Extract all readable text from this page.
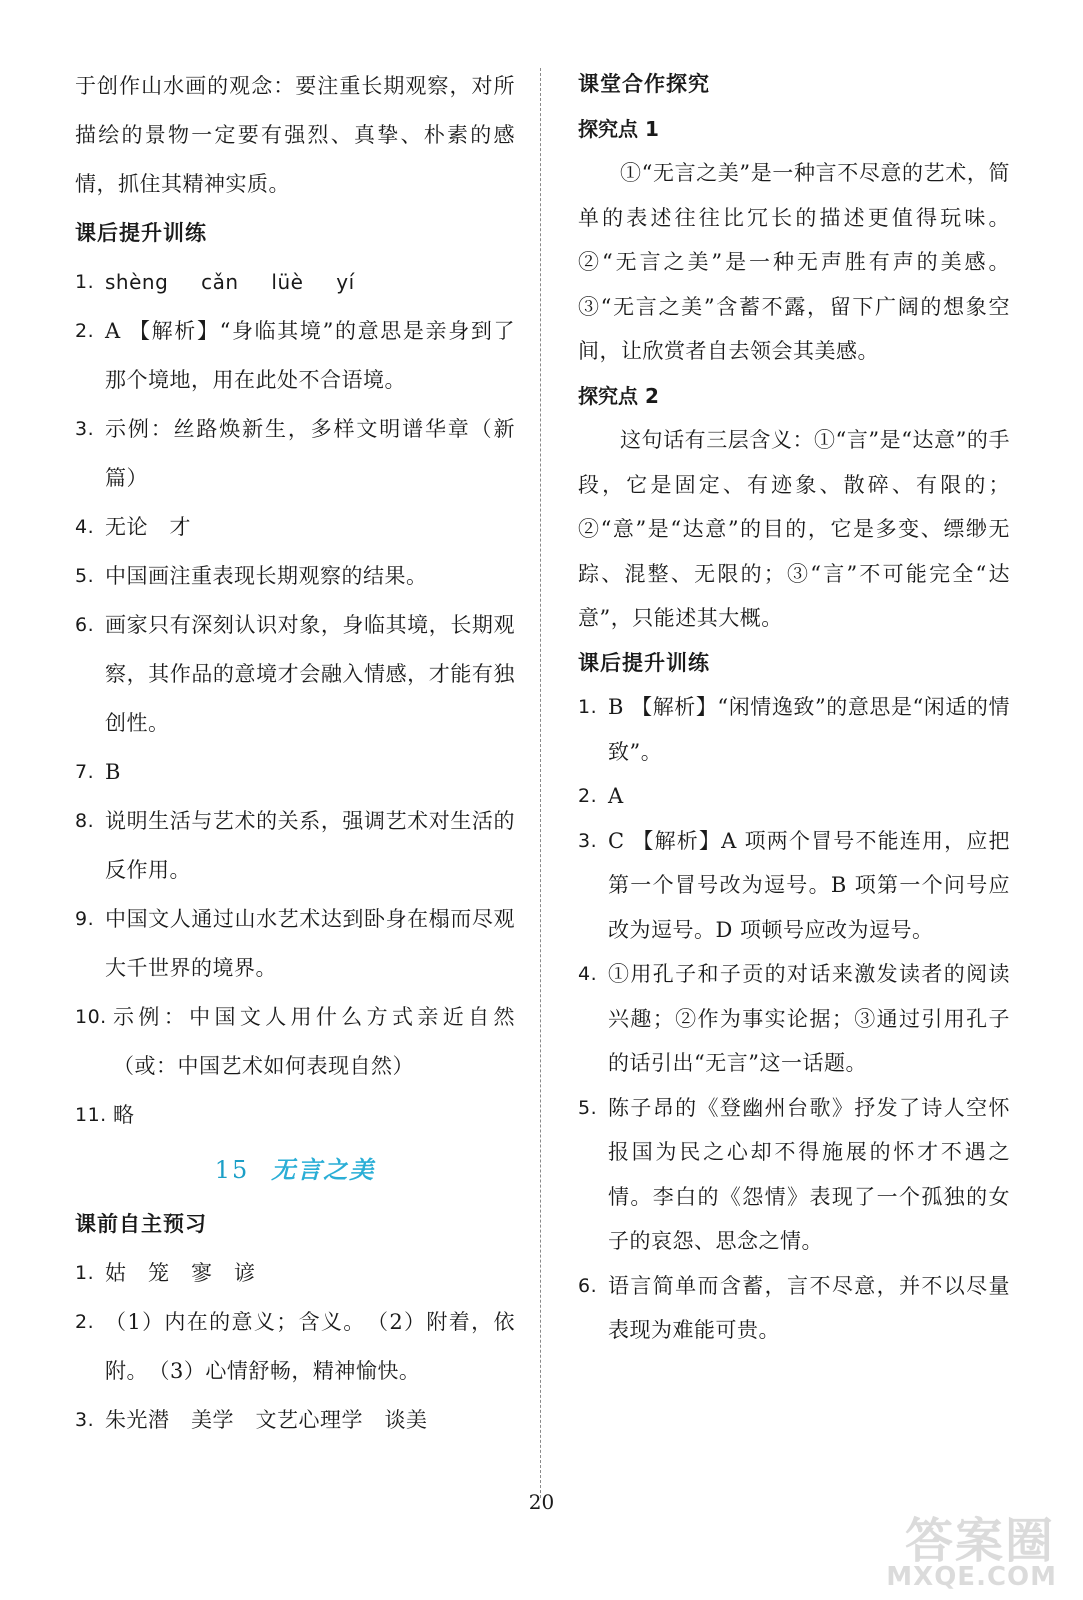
于创作山水画的观念：要注重长期观察，对所描绘的景物一定要有强烈、真挚、朴素的感情，抓住其精神实质。

课后提升训练

1. shèng cǎn lüè yí
2. A 【解析】“身临其境”的意思是亲身到了那个境地，用在此处不合语境。
3. 示例：丝路焕新生，多样文明谱华章（新篇）
4. 无论　才
5. 中国画注重表现长期观察的结果。
6. 画家只有深刻认识对象，身临其境，长期观察，其作品的意境才会融入情感，才能有独创性。
7. B
8. 说明生活与艺术的关系，强调艺术对生活的反作用。
9. 中国文人通过山水艺术达到卧身在榻而尽观大千世界的境界。
10. 示例：中国文人用什么方式亲近自然（或：中国艺术如何表现自然）
11. 略

15 无言之美

课前自主预习

1. 姑　笼　寥　谚
2. （1）内在的意义；含义。　（2）附着，依附。　（3）心情舒畅，精神愉快。
3. 朱光潜　美学　文艺心理学　谈美

课堂合作探究

探究点 1

①“无言之美”是一种言不尽意的艺术，简单的表述往往比冗长的描述更值得玩味。②“无言之美”是一种无声胜有声的美感。③“无言之美”含蓄不露，留下广阔的想象空间，让欣赏者自去领会其美感。

探究点 2

这句话有三层含义：①“言”是“达意”的手段，它是固定、有迹象、散碎、有限的；②“意”是“达意”的目的，它是多变、缥缈无踪、混整、无限的；③“言”不可能完全“达意”，只能述其大概。

课后提升训练

1. B 【解析】“闲情逸致”的意思是“闲适的情致”。
2. A
3. C 【解析】A 项两个冒号不能连用，应把第一个冒号改为逗号。B 项第一个问号应改为逗号。D 项顿号应改为逗号。
4. ①用孔子和子贡的对话来激发读者的阅读兴趣；②作为事实论据；③通过引用孔子的话引出“无言”这一话题。
5. 陈子昂的《登幽州台歌》抒发了诗人空怀报国为民之心却不得施展的怀才不遇之情。李白的《怨情》表现了一个孤独的女子的哀怨、思念之情。
6. 语言简单而含蓄，言不尽意，并不以尽量表现为难能可贵。
20
答案圈
MXQE.COM
